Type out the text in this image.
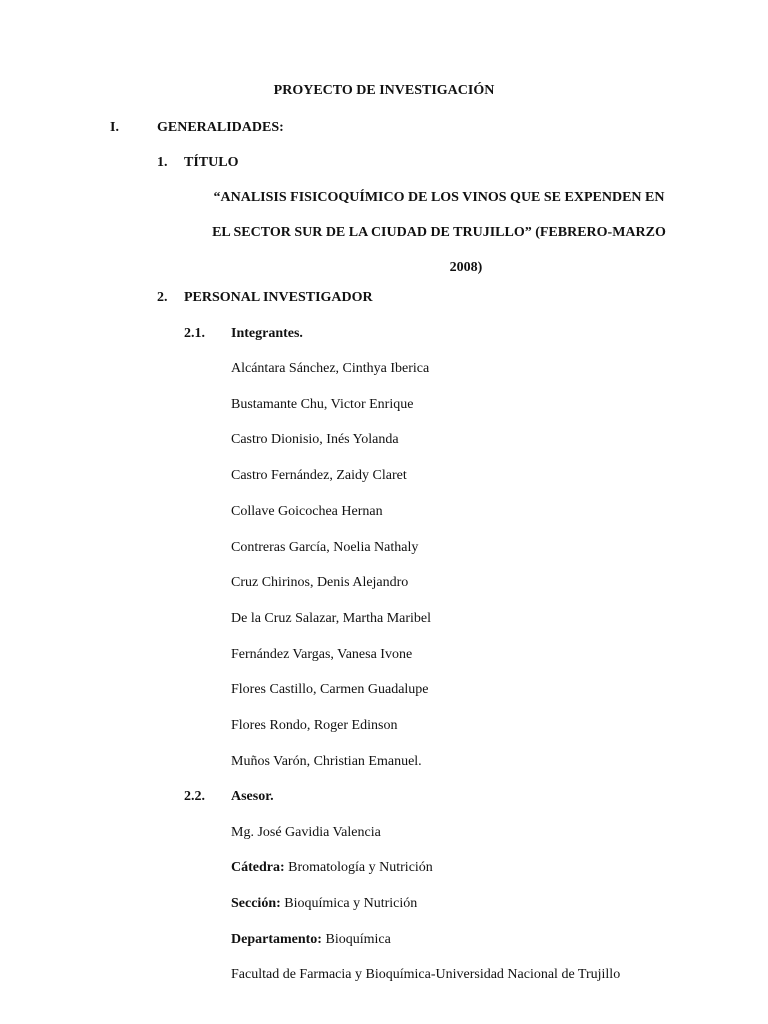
PROYECTO DE INVESTIGACIÓN
I.	GENERALIDADES:
1. TÍTULO
“ANALISIS FISICOQUÍMICO DE LOS VINOS QUE SE EXPENDEN EN
EL SECTOR SUR DE LA CIUDAD DE TRUJILLO” (FEBRERO-MARZO
2008)
2. PERSONAL INVESTIGADOR
2.1. Integrantes.
Alcántara Sánchez, Cinthya Iberica
Bustamante Chu, Victor Enrique
Castro Dionisio, Inés Yolanda
Castro Fernández, Zaidy Claret
Collave Goicochea Hernan
Contreras García, Noelia Nathaly
Cruz Chirinos, Denis Alejandro
De la Cruz Salazar, Martha Maribel
Fernández Vargas, Vanesa Ivone
Flores Castillo, Carmen Guadalupe
Flores Rondo, Roger Edinson
Muños Varón, Christian Emanuel.
2.2. Asesor.
Mg. José Gavidia Valencia
Cátedra: Bromatología y Nutrición
Sección: Bioquímica y Nutrición
Departamento: Bioquímica
Facultad de Farmacia y Bioquímica-Universidad Nacional de Trujillo
